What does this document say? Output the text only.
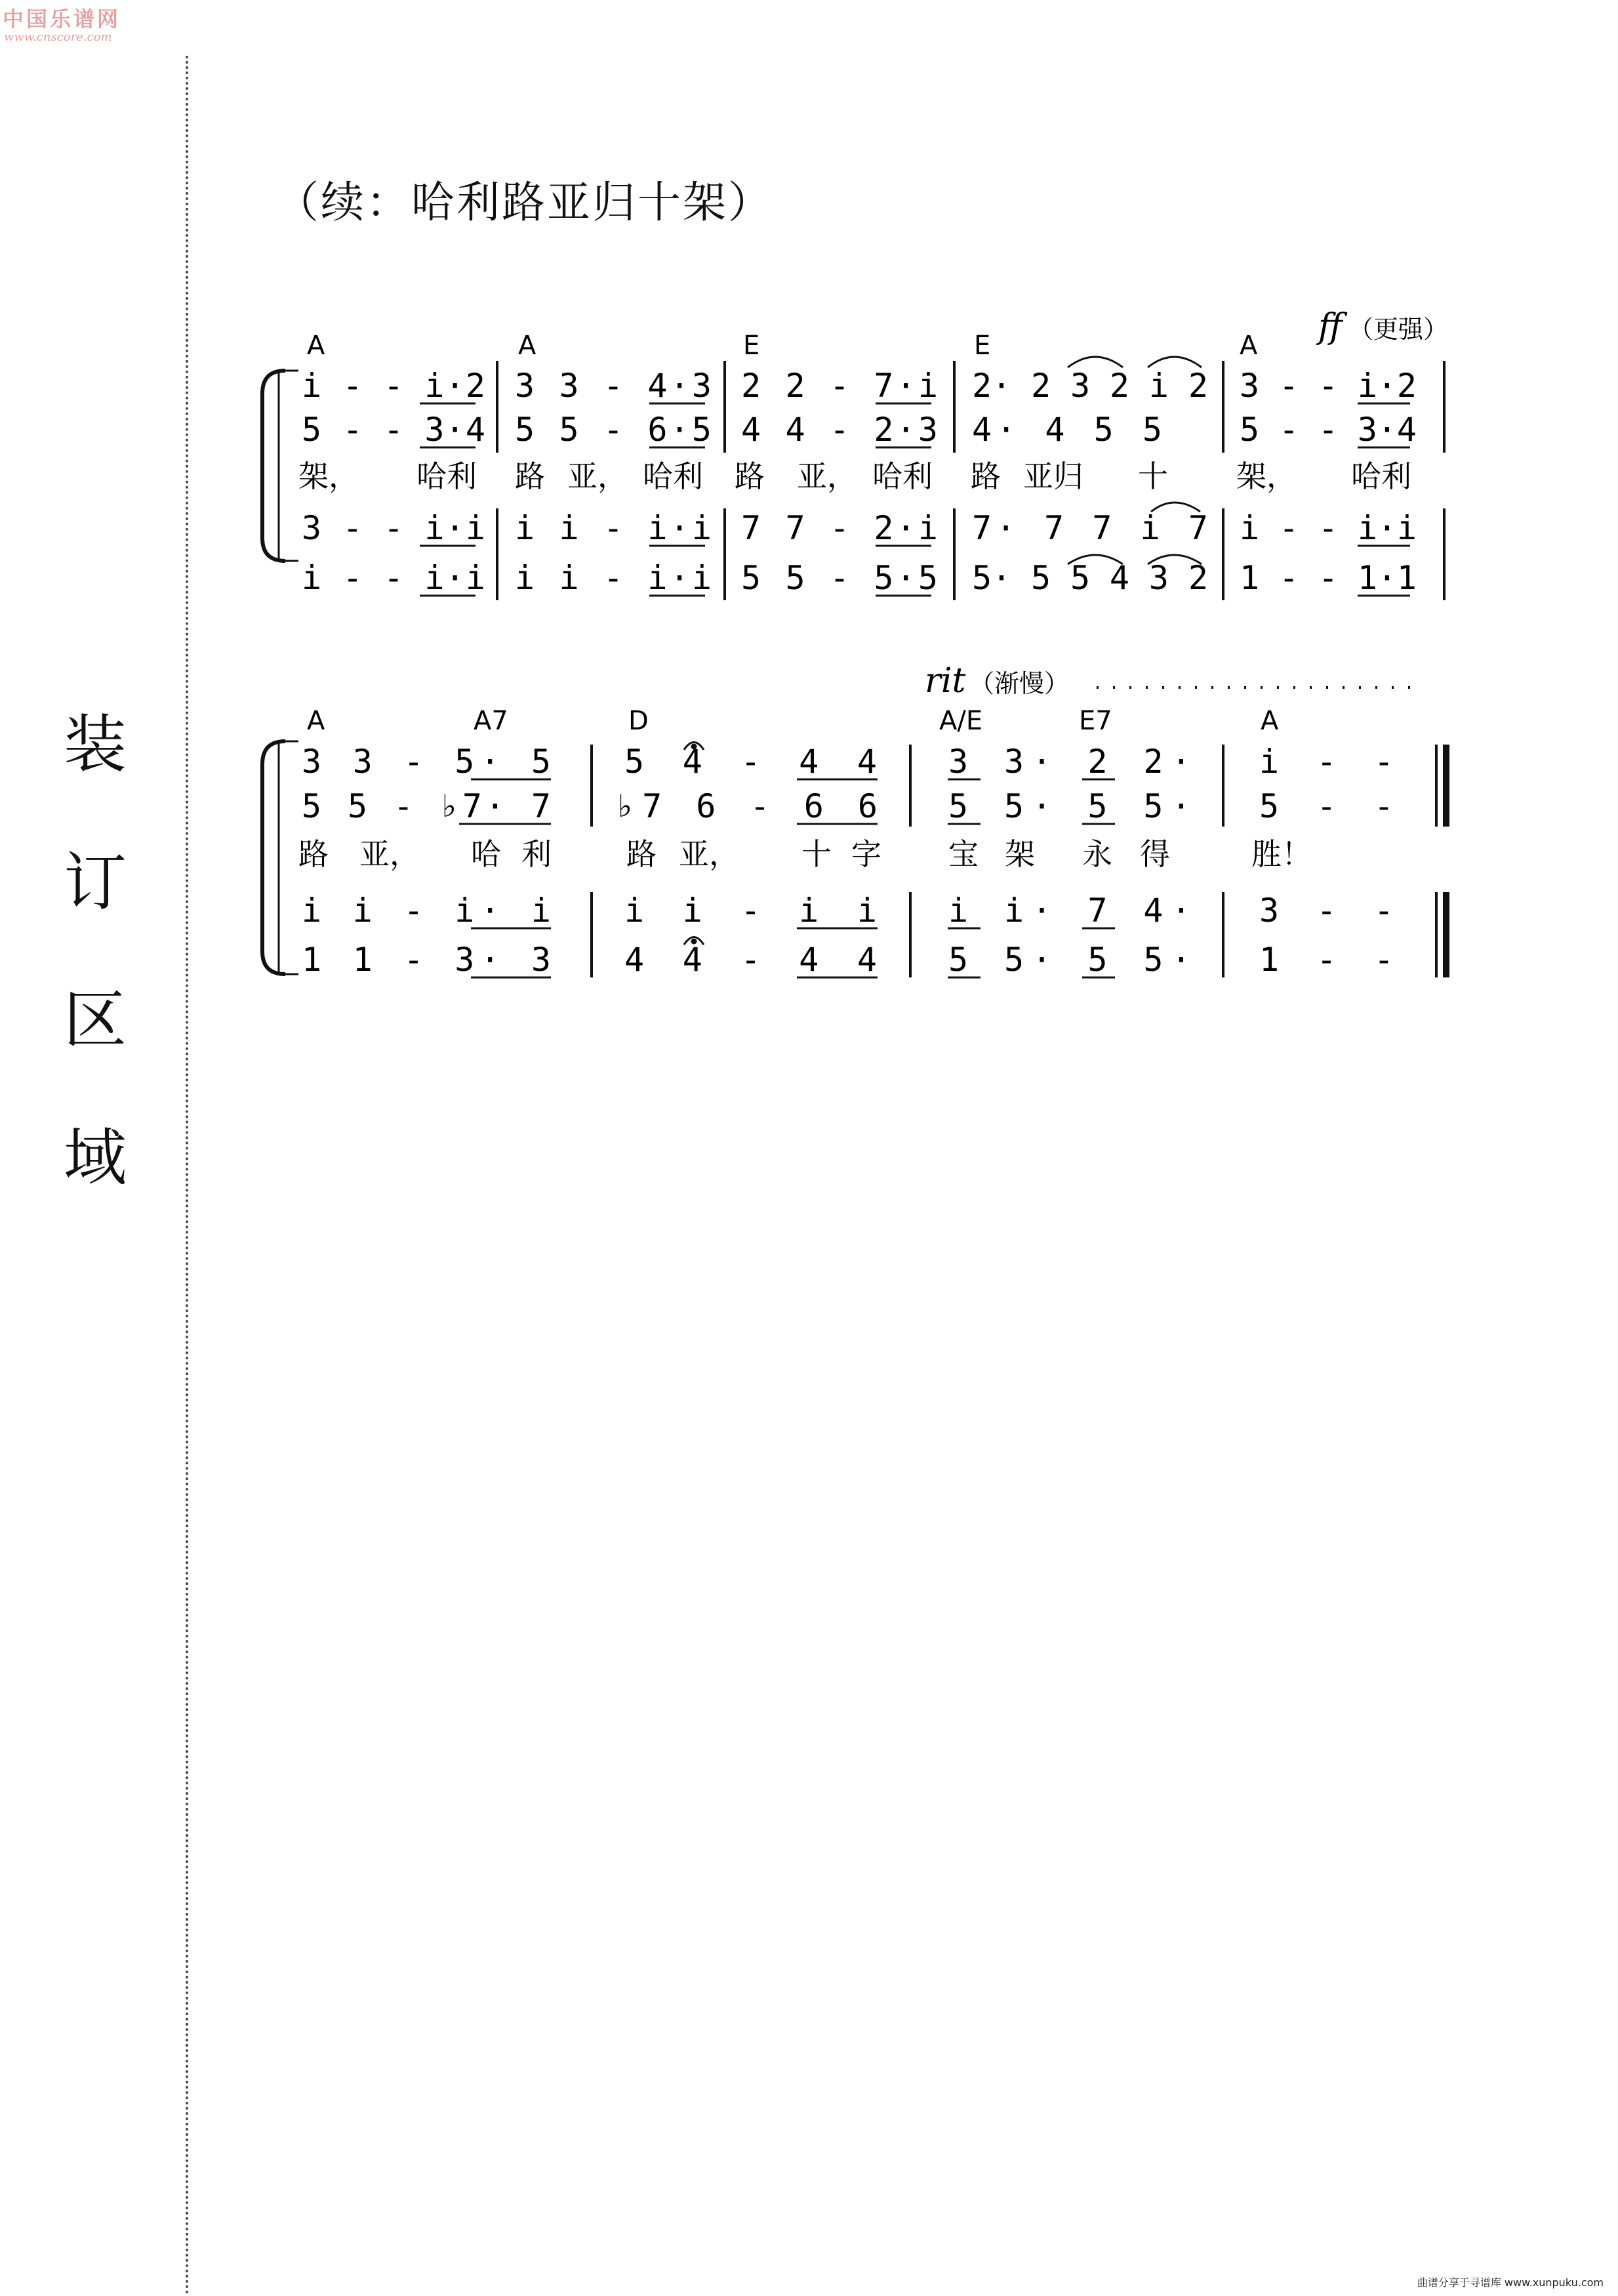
中国乐谱网
www.cnscore.com
装
订
区
域
（续：哈利路亚归十架）
ff （更强）
A	A	E	E	A
i - - i·2 3 3 - 4·3 2 2 - 7·i 2· 2 3 2 i 2 3 - - i·2
5 - - 3·4 5 5 - 6·5 4 4 - 2·3 4· 4 5 5 5 - - 3·4
架， 哈利 路 亚， 哈利 路 亚， 哈利 路 亚归 十 架， 哈利
3 - - i·i i i - i·i 7 7 - 2·i 7· 7 7 i 7 i - - i·i
i - - i·i i i - i·i 5 5 - 5·5 5· 5 5 4 3 2 1 - - 1·1
rit （渐慢）
A	A7	D	A/E	E7	A
3 3 - 5· 5 5 4 - 4 4 3 3· 2 2· i - -
5 5 - ♭7· 7 ♭7 6 - 6 6 5 5· 5 5· 5 - -
路 亚， 哈 利 路 亚， 十 字 宝 架 永 得	胜！
i i - i· i i i - i i i i· 7 4· 3 - -
1 1 - 3· 3 4 4 - 4 4 5 5· 5 5· 1 - -
曲谱分享于寻谱库 www.xunpuku.com
